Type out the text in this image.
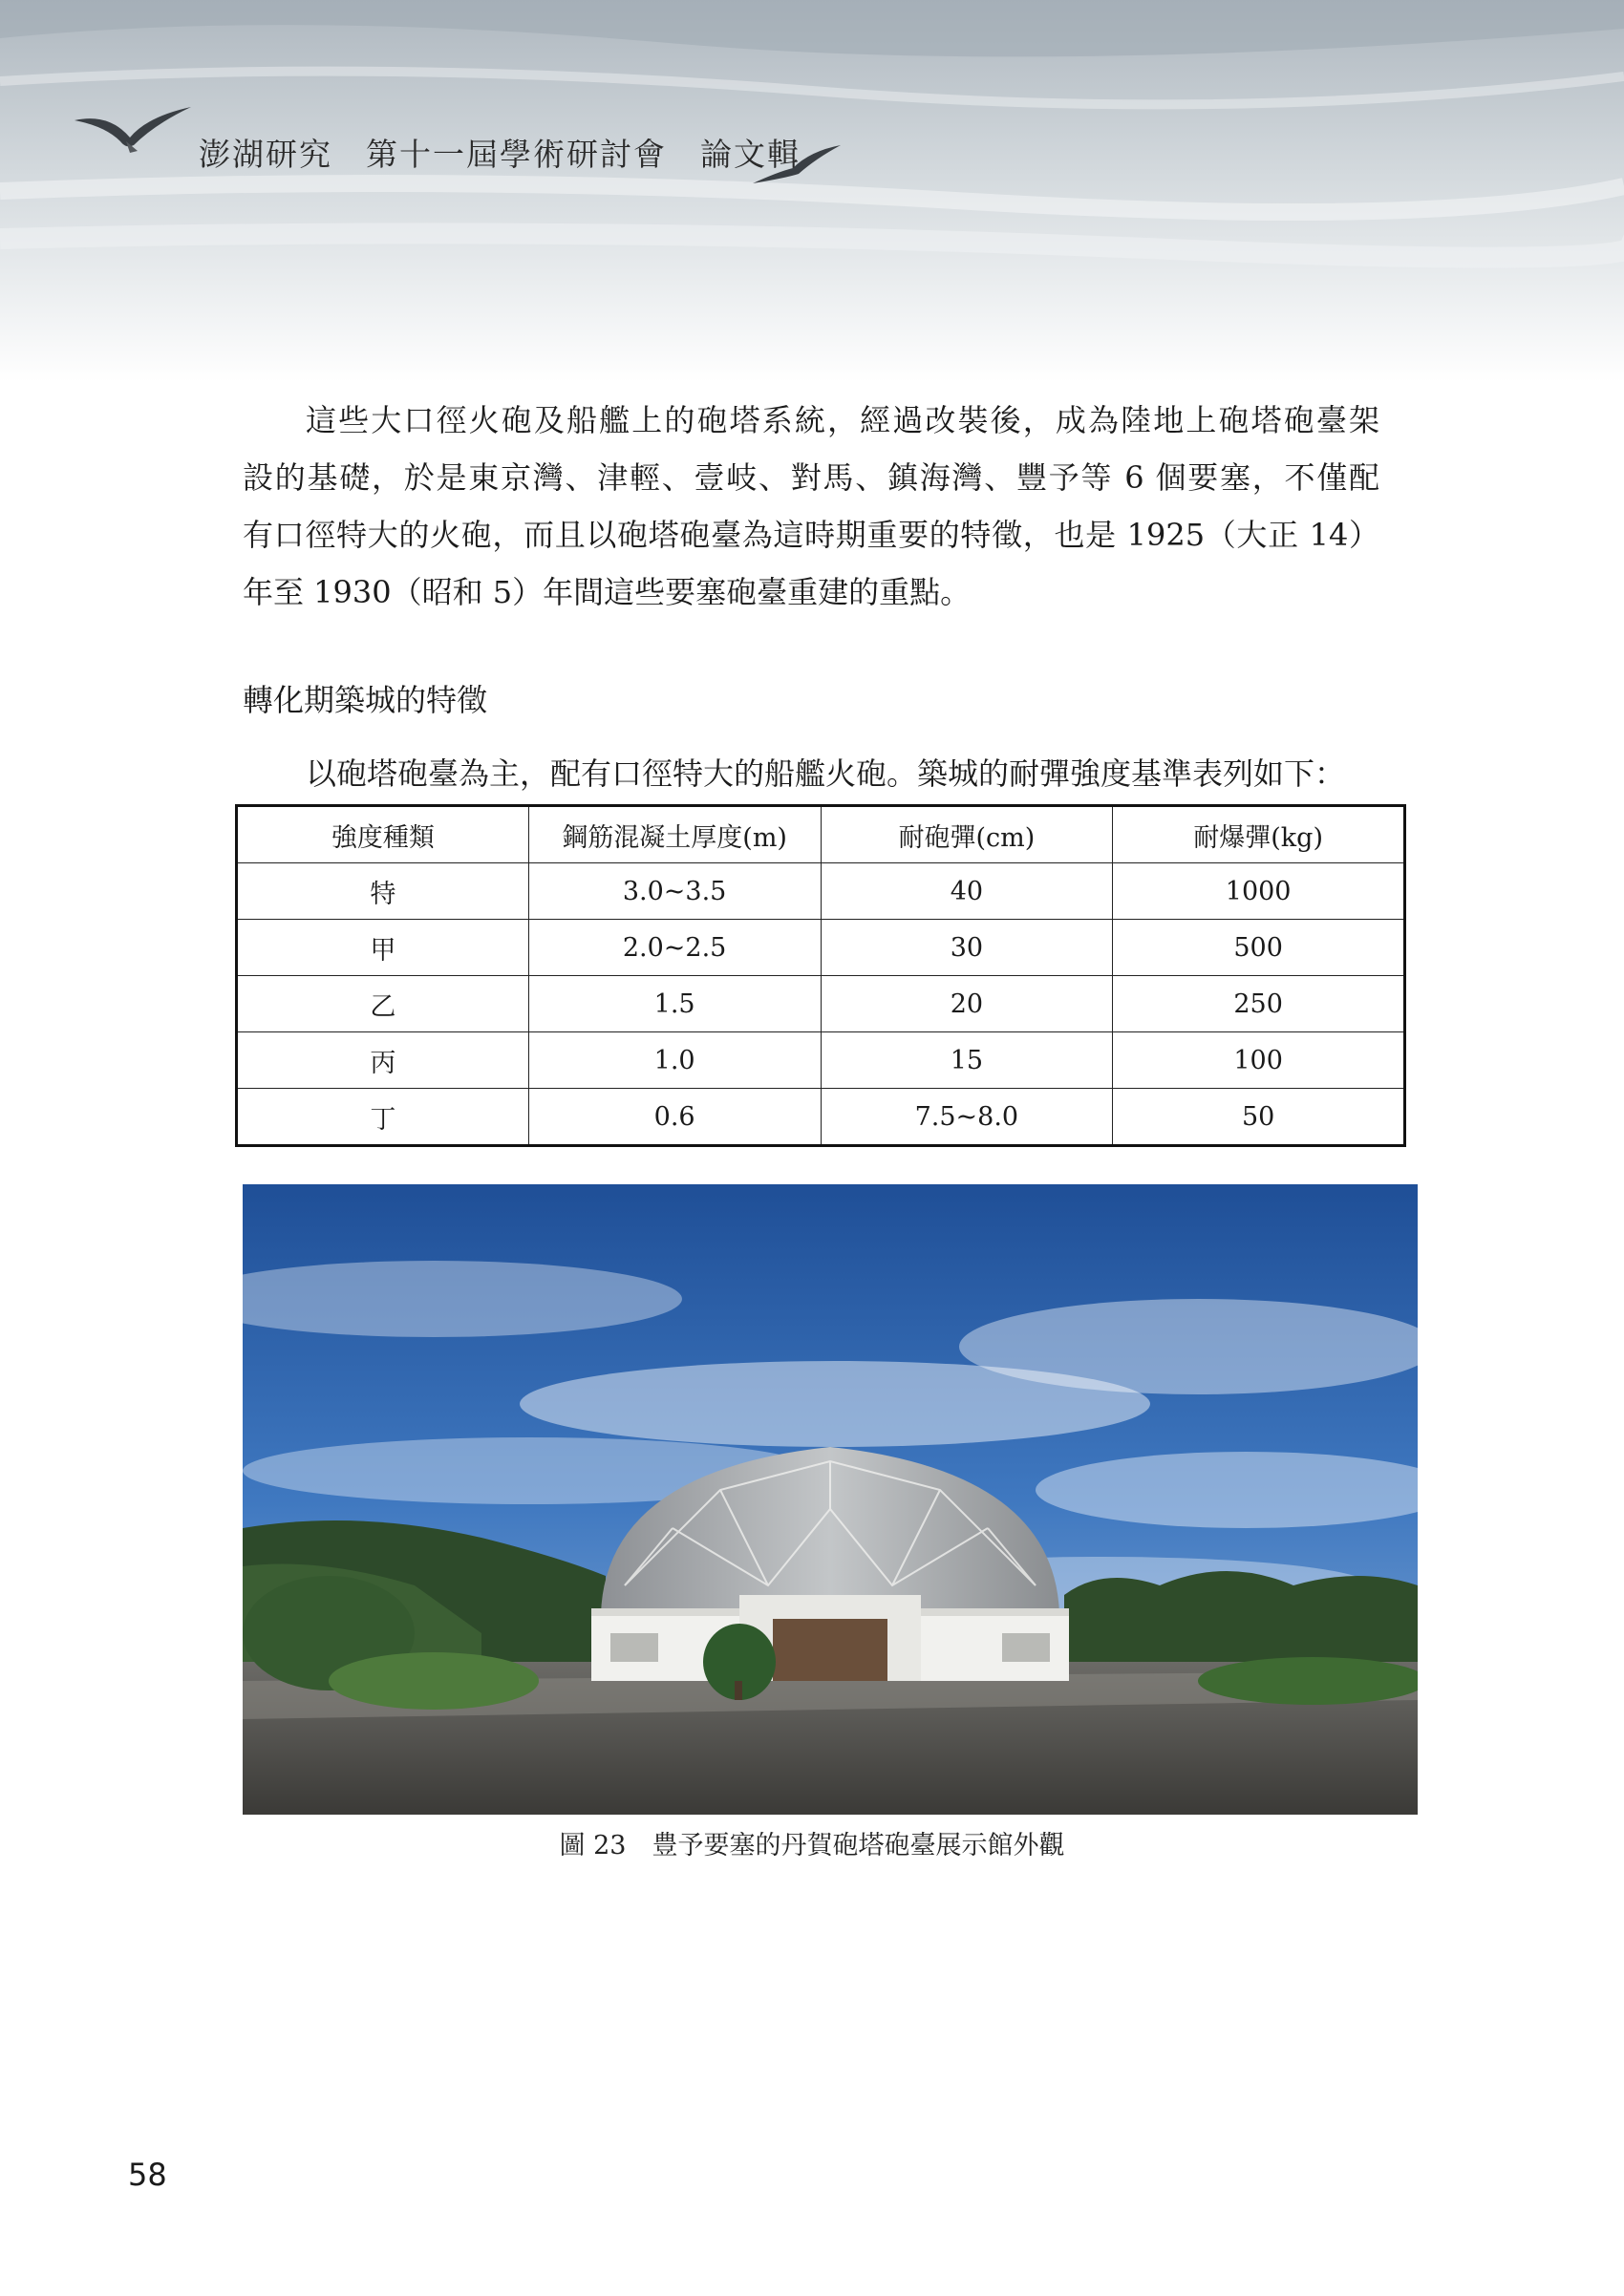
澎湖研究　第十一屆學術研討會　論文輯
這些大口徑火砲及船艦上的砲塔系統，經過改裝後，成為陸地上砲塔砲臺架
設的基礎，於是東京灣、津輕、壹岐、對馬、鎮海灣、豐予等 6 個要塞，不僅配
有口徑特大的火砲，而且以砲塔砲臺為這時期重要的特徵，也是 1925（大正 14）
年至 1930（昭和 5）年間這些要塞砲臺重建的重點。
轉化期築城的特徵
以砲塔砲臺為主，配有口徑特大的船艦火砲。築城的耐彈強度基準表列如下：
強度種類	鋼筋混凝土厚度(m)	耐砲彈(cm)	耐爆彈(kg)
特	3.0~3.5	40	1000
甲	2.0~2.5	30	500
乙	1.5	20	250
丙	1.0	15	100
丁	0.6	7.5~8.0	50
圖 23　豊予要塞的丹賀砲塔砲臺展示館外觀
58
